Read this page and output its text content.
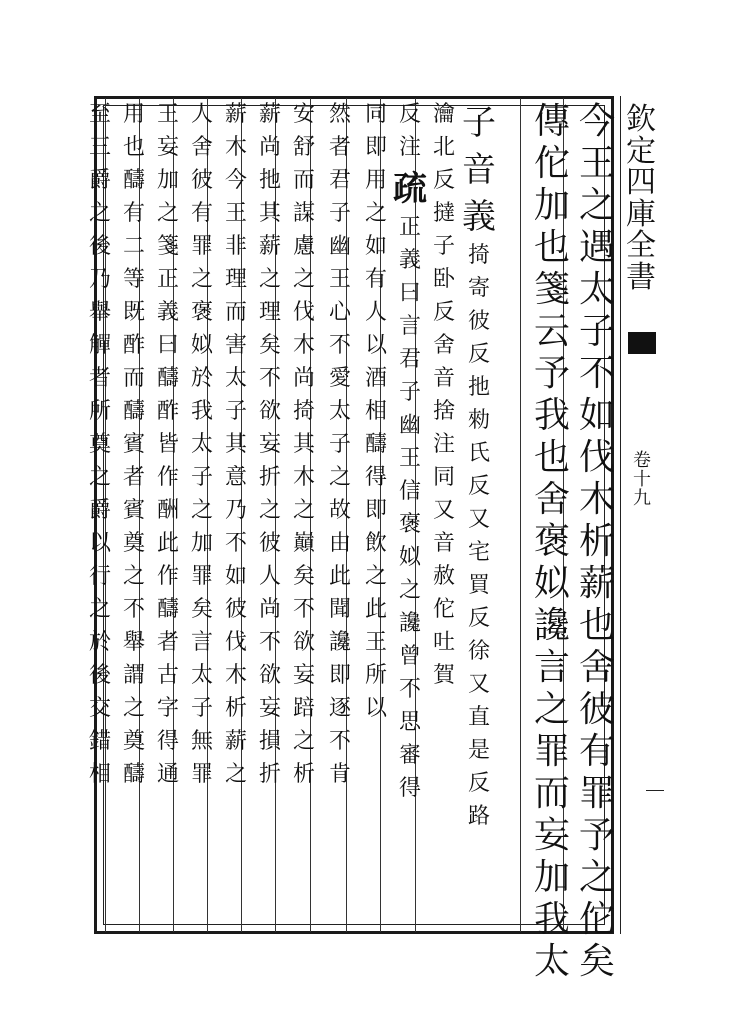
欽
定
四
庫
全
書
卷
十
九
今
王
之
遇
太
子
不
如
伐
木
析
薪
也
舍
彼
有
罪
予
之
佗
矣
傳
佗
加
也
箋
云
予
我
也
舍
褒
姒
讒
言
之
罪
而
妄
加
我
太
子
音
義
掎
寄
彼
反
扡
勑
氏
反
又
宅
買
反
徐
又
直
是
反
路
瀹
北
反
撻
子
卧
反
舍
音
捨
注
同
又
音
赦
佗
吐
賀
反
注
疏
正
義
曰
言
君
子
幽
王
信
褒
姒
之
讒
曾
不
思
審
得
同
即
用
之
如
有
人
以
酒
相
醻
得
即
飲
之
此
王
所
以
然
者
君
子
幽
王
心
不
愛
太
子
之
故
由
此
聞
讒
即
逐
不
肯
安
舒
而
謀
慮
之
伐
木
尚
掎
其
木
之
巔
矣
不
欲
妄
踣
之
析
薪
尚
扡
其
薪
之
理
矣
不
欲
妄
折
之
彼
人
尚
不
欲
妄
損
折
薪
木
今
王
非
理
而
害
太
子
其
意
乃
不
如
彼
伐
木
析
薪
之
人
舍
彼
有
罪
之
褒
姒
於
我
太
子
之
加
罪
矣
言
太
子
無
罪
王
妄
加
之
箋
正
義
曰
醻
酢
皆
作
酬
此
作
醻
者
古
字
得
通
用
也
醻
有
二
等
既
酢
而
醻
賓
者
賓
奠
之
不
舉
謂
之
奠
醻
至
三
爵
之
後
乃
舉
觶
者
所
奠
之
爵
以
行
之
於
後
交
錯
相
